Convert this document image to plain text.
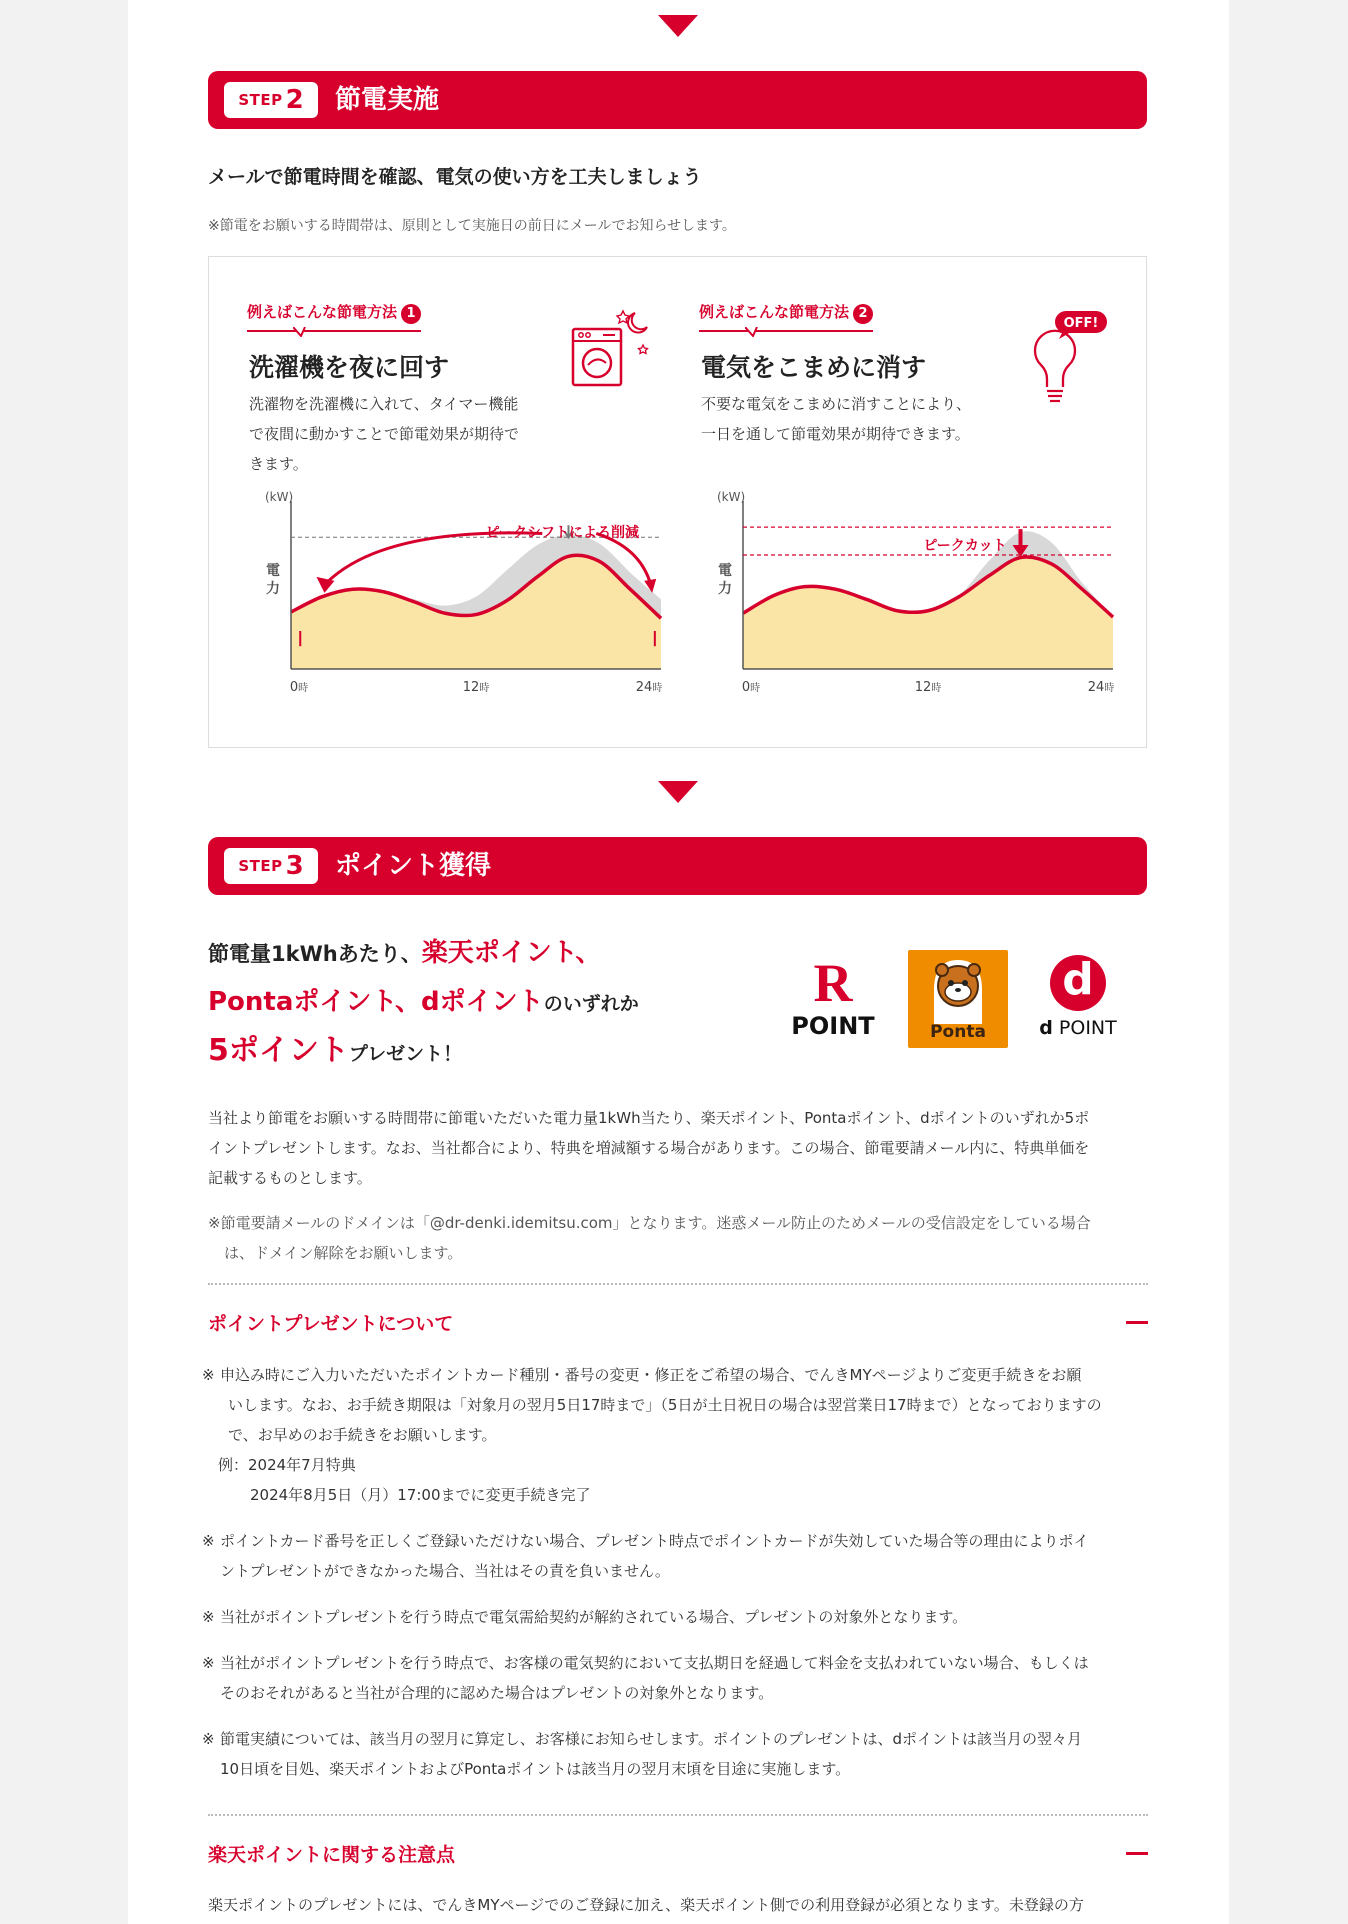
STEP 2 節電実施
メールで節電時間を確認、電気の使い方を工夫しましょう
※節電をお願いする時間帯は、原則として実施日の前日にメールでお知らせします。
例えばこんな節電方法 1
洗濯機を夜に回す
洗濯物を洗濯機に入れて、タイマー機能
で夜間に動かすことで節電効果が期待で
きます。
例えばこんな節電方法 2
電気をこまめに消す
不要な電気をこまめに消すことにより、
一日を通して節電効果が期待できます。
OFF!
(kW)
電
力
0時	12時	24時
ピークシフトによる削減
(kW)
電
力
0時	12時	24時
ピークカット
STEP 3 ポイント獲得
節電量1kWhあたり、楽天ポイント、
Pontaポイント、dポイントのいずれか
5ポイントプレゼント！
R
POINT	Ponta
d
d POINT
当社より節電をお願いする時間帯に節電いただいた電力量1kWh当たり、楽天ポイント、Pontaポイント、dポイントのいずれか5ポ
イントプレゼントします。なお、当社都合により、特典を増減額する場合があります。この場合、節電要請メール内に、特典単価を
記載するものとします。
※節電要請メールのドメインは「@dr-denki.idemitsu.com」となります。迷惑メール防止のためメールの受信設定をしている場合
は、ドメイン解除をお願いします。
ポイントプレゼントについて
※ 申込み時にご入力いただいたポイントカード種別・番号の変更・修正をご希望の場合、でんきMYページよりご変更手続きをお願
いします。なお、お手続き期限は「対象月の翌月5日17時まで」（5日が土日祝日の場合は翌営業日17時まで）となっておりますの
で、お早めのお手続きをお願いします。
例：2024年7月特典
2024年8月5日（月）17:00までに変更手続き完了
※ ポイントカード番号を正しくご登録いただけない場合、プレゼント時点でポイントカードが失効していた場合等の理由によりポイ
ントプレゼントができなかった場合、当社はその責を負いません。
※ 当社がポイントプレゼントを行う時点で電気需給契約が解約されている場合、プレゼントの対象外となります。
※ 当社がポイントプレゼントを行う時点で、お客様の電気契約において支払期日を経過して料金を支払われていない場合、もしくは
そのおそれがあると当社が合理的に認めた場合はプレゼントの対象外となります。
※ 節電実績については、該当月の翌月に算定し、お客様にお知らせします。ポイントのプレゼントは、dポイントは該当月の翌々月
10日頃を目処、楽天ポイントおよびPontaポイントは該当月の翌月末頃を目途に実施します。
楽天ポイントに関する注意点
楽天ポイントのプレゼントには、でんきMYページでのご登録に加え、楽天ポイント側での利用登録が必須となります。未登録の方
